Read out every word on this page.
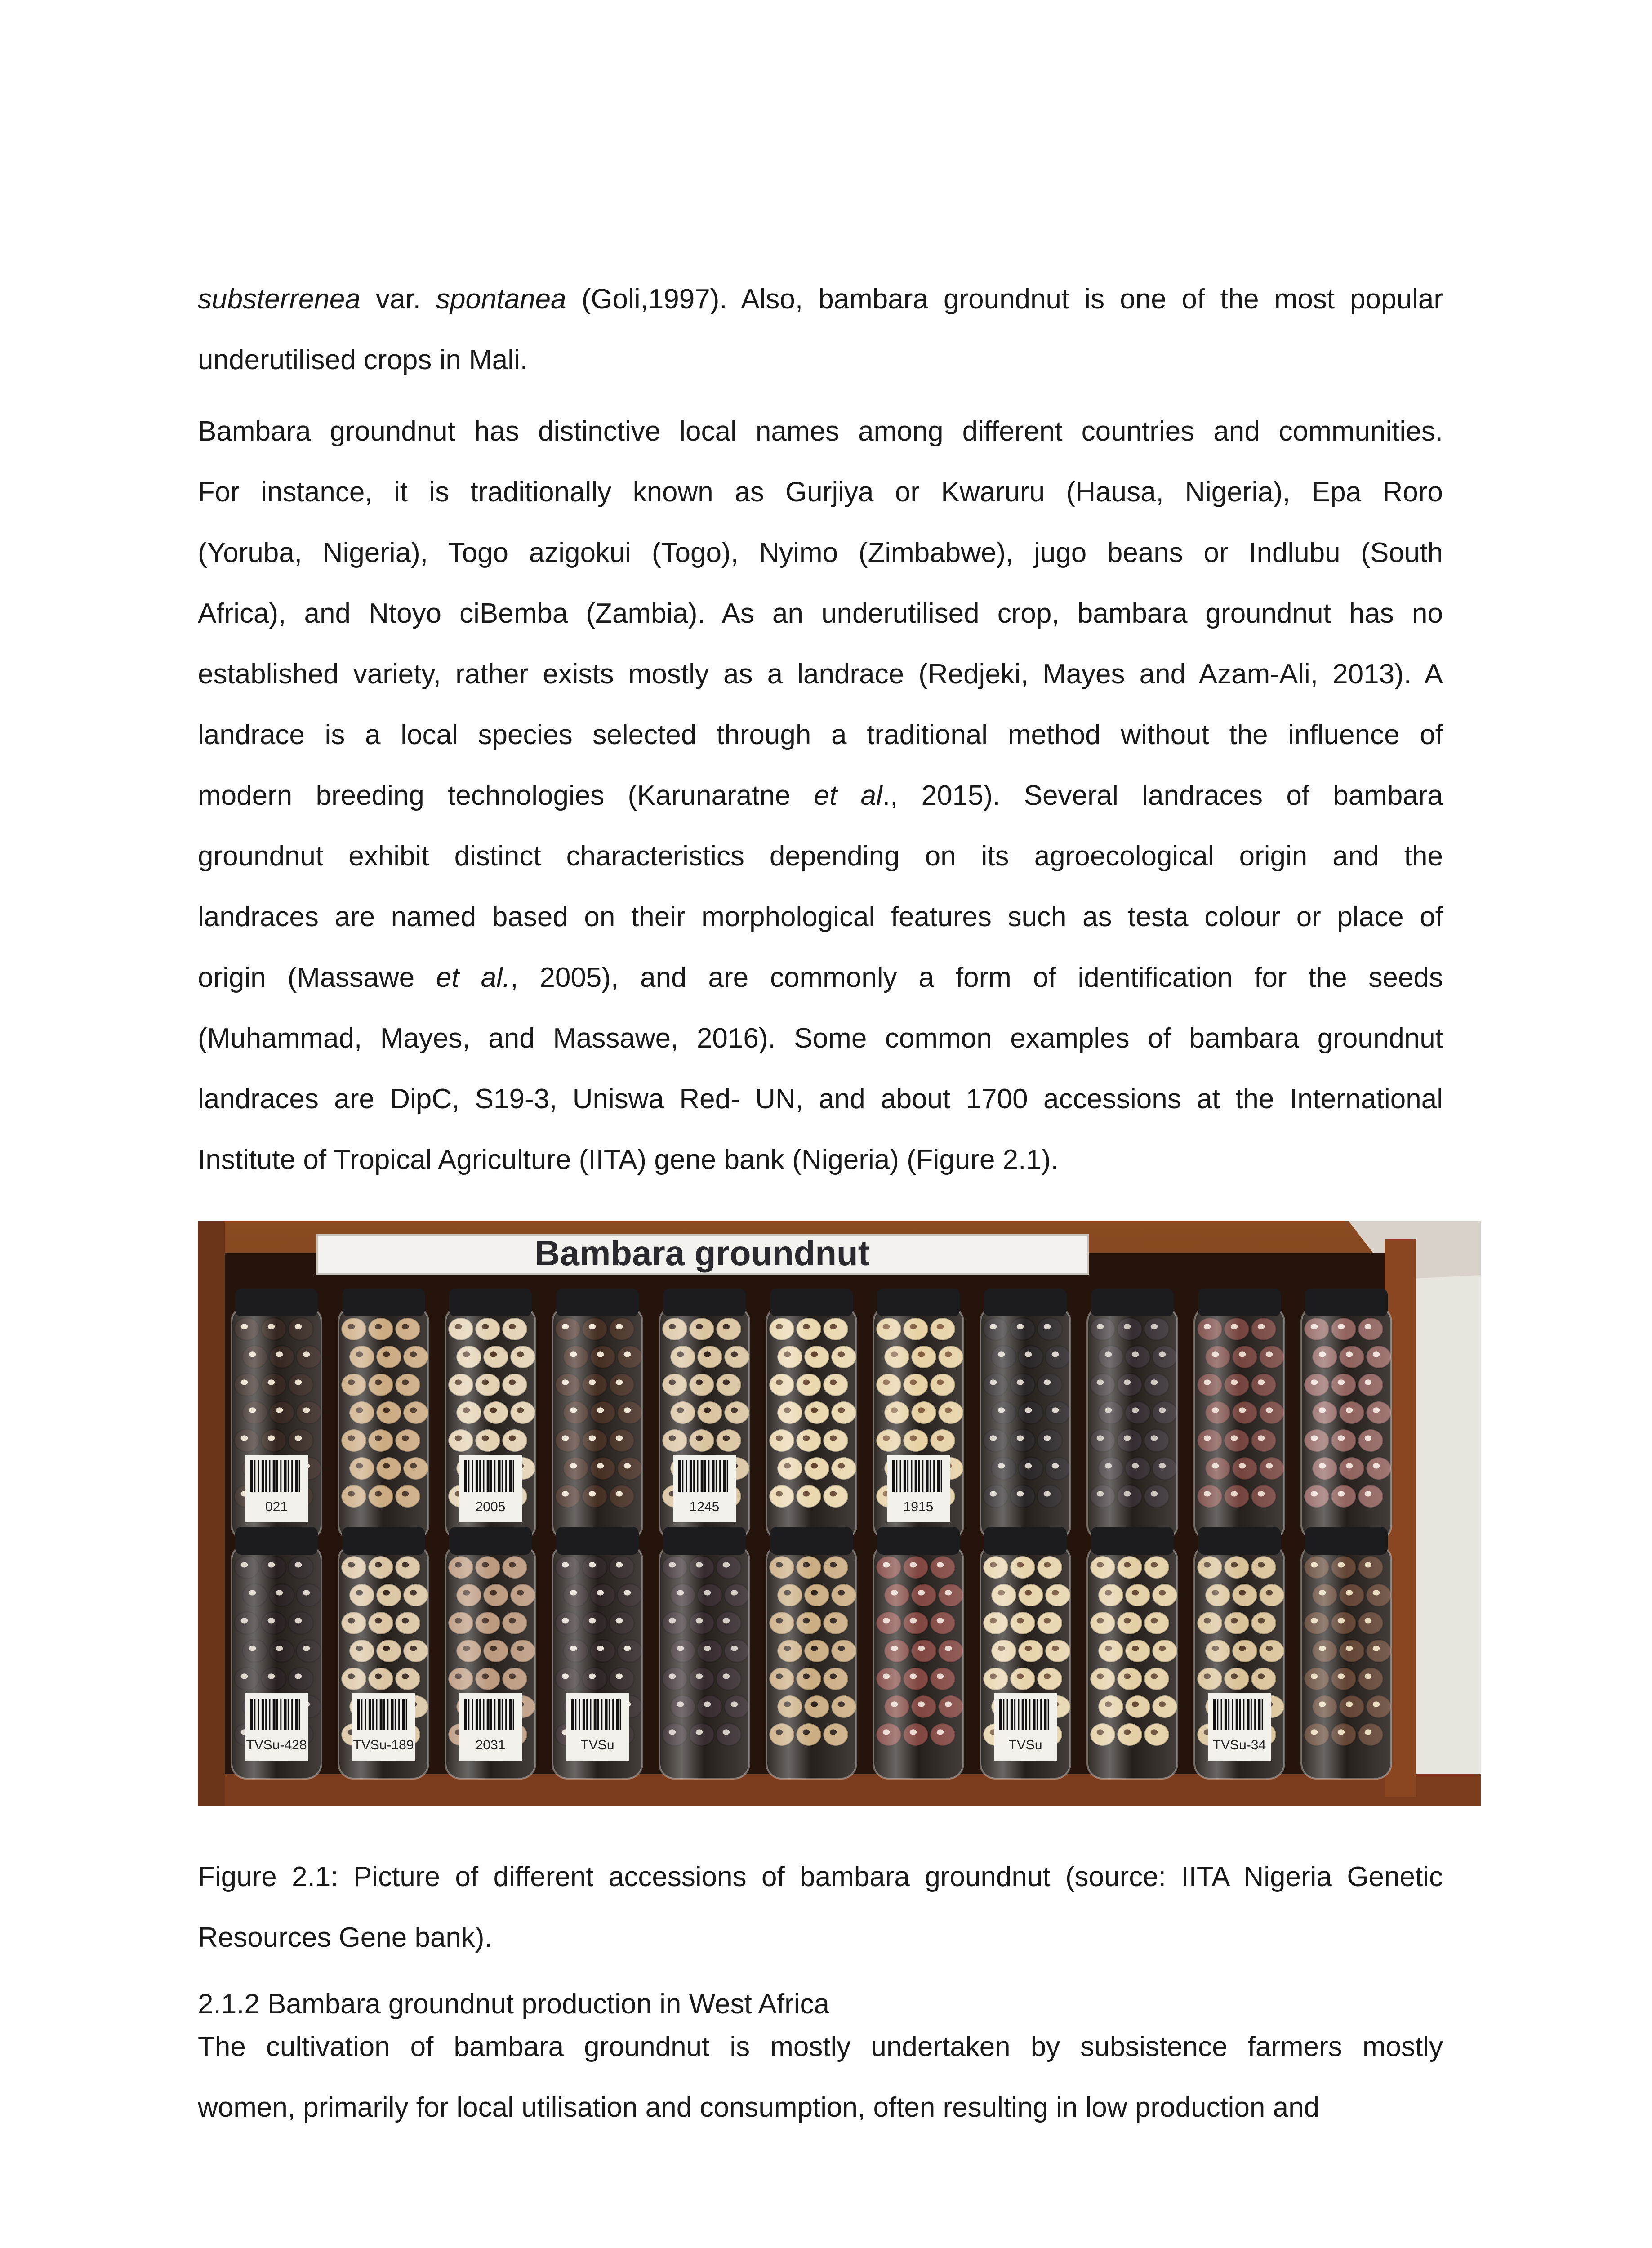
substerrenea var. spontanea (Goli,1997). Also, bambara groundnut is one of the most popular
underutilised crops in Mali.
Bambara groundnut has distinctive local names among different countries and communities.
For instance, it is traditionally known as Gurjiya or Kwaruru (Hausa, Nigeria), Epa Roro
(Yoruba, Nigeria), Togo azigokui (Togo), Nyimo (Zimbabwe), jugo beans or Indlubu (South
Africa), and Ntoyo ciBemba (Zambia). As an underutilised crop, bambara groundnut has no
established variety, rather exists mostly as a landrace (Redjeki, Mayes and Azam-Ali, 2013). A
landrace is a local species selected through a traditional method without the influence of
modern breeding technologies (Karunaratne et al., 2015). Several landraces of bambara
groundnut exhibit distinct characteristics depending on its agroecological origin and the
landraces are named based on their morphological features such as testa colour or place of
origin (Massawe et al., 2005), and are commonly a form of identification for the seeds
(Muhammad, Mayes, and Massawe, 2016). Some common examples of bambara groundnut
landraces are DipC, S19-3, Uniswa Red- UN, and about 1700 accessions at the International
Institute of Tropical Agriculture (IITA) gene bank (Nigeria) (Figure 2.1).
021	2005	1245	1915
TVSu-428	TVSu-189	2031	TVSu	TVSu	TVSu-34
Bambara groundnut
Figure 2.1: Picture of different accessions of bambara groundnut (source: IITA Nigeria Genetic
Resources Gene bank).

2.1.2 Bambara groundnut production in West Africa

The cultivation of bambara groundnut is mostly undertaken by subsistence farmers mostly
women, primarily for local utilisation and consumption, often resulting in low production and
